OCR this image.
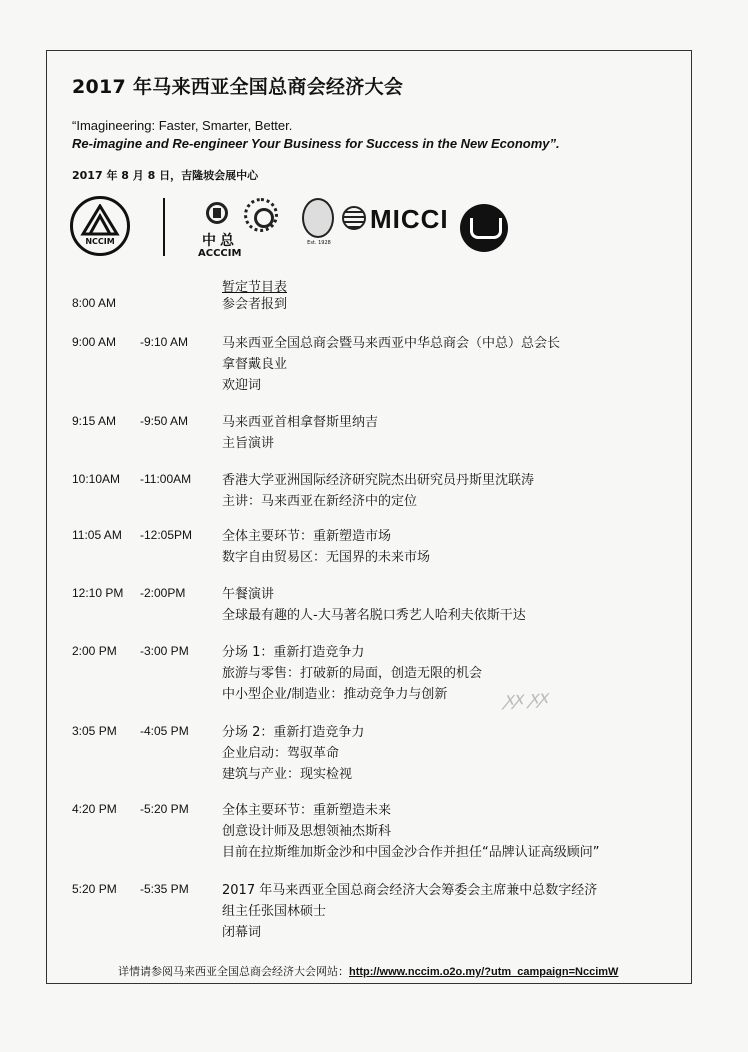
2017 年马来西亚全国总商会经济大会
“Imagineering: Faster, Smarter, Better.
Re-imagine and Re-engineer Your Business for Success in the New Economy”.
2017 年 8 月 8 日，吉隆坡会展中心
NCCIM	中总
ACCCIM
Est. 1928
MICCI
暂定节目表
8:00 AM	参会者报到
9:00 AM -9:10 AM	马来西亚全国总商会暨马来西亚中华总商会（中总）总会长
拿督戴良业
欢迎词
9:15 AM -9:50 AM	马来西亚首相拿督斯里纳吉
主旨演讲
10:10AM -11:00AM 香港大学亚洲国际经济研究院杰出研究员丹斯里沈联涛
主讲：马来西亚在新经济中的定位
11:05 AM -12:05PM 全体主要环节：重新塑造市场
数字自由贸易区：无国界的未来市场
12:10 PM -2:00PM	午餐演讲
全球最有趣的人-大马著名脱口秀艺人哈利夫依斯干达
2:00 PM -3:00 PM	分场 1：重新打造竞争力
旅游与零售：打破新的局面，创造无限的机会
中小型企业/制造业：推动竞争力与创新
3:05 PM -4:05 PM	分场 2：重新打造竞争力
企业启动：驾驭革命
建筑与产业：现实检视
4:20 PM -5:20 PM	全体主要环节：重新塑造未来
创意设计师及思想领袖杰斯科
目前在拉斯维加斯金沙和中国金沙合作并担任“品牌认证高级顾问”
5:20 PM -5:35 PM	2017 年马来西亚全国总商会经济大会筹委会主席兼中总数字经济
组主任张国林硕士
闭幕词
ꭗꭗ ꭗꭗ
详情请参阅马来西亚全国总商会经济大会网站：http://www.nccim.o2o.my/?utm_campaign=NccimW
